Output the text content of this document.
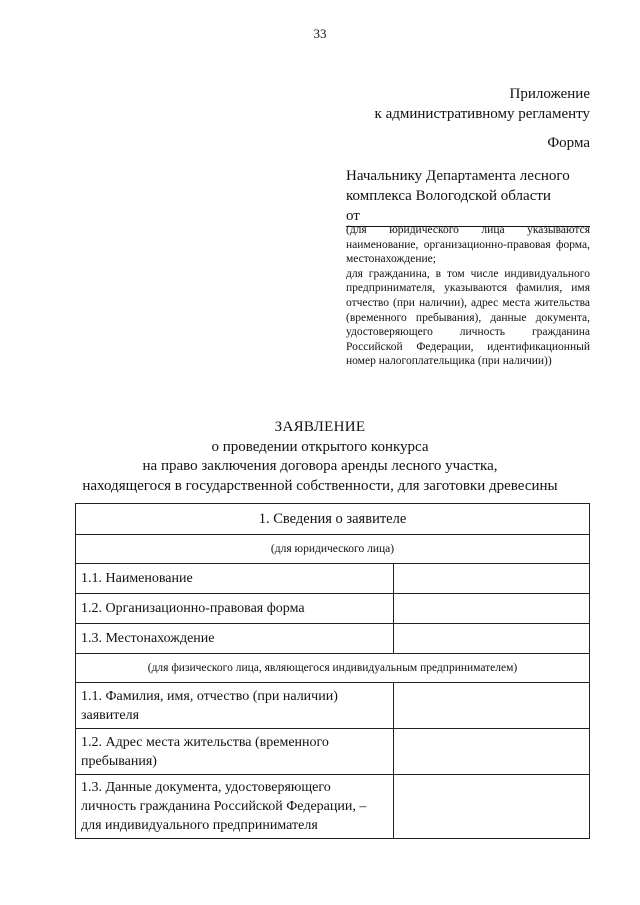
33
Приложение
к административному регламенту
Форма
Начальнику Департамента лесного
комплекса Вологодской области
от

(для юридического лица указываются наименование, организационно-правовая форма, местонахождение;

для гражданина, в том числе индивидуального предпринимателя, указываются фамилия, имя отчество (при наличии), адрес места жительства (временного пребывания), данные документа, удостоверяющего личность гражданина Российской Федерации, идентификационный номер налогоплательщика (при наличии))

ЗАЯВЛЕНИЕ
о проведении открытого конкурса
на право заключения договора аренды лесного участка,
находящегося в государственной собственности, для заготовки древесины
1. Сведения о заявителе	
(для юридического лица)	
1.1. Наименование	
1.2. Организационно-правовая форма	
1.3. Местонахождение	
(для физического лица, являющегося индивидуальным предпринимателем)	
1.1. Фамилия, имя, отчество (при наличии) заявителя	
1.2. Адрес места жительства (временного пребывания)	
1.3. Данные документа, удостоверяющего личность гражданина Российской Федерации, – для индивидуального предпринимателя	
